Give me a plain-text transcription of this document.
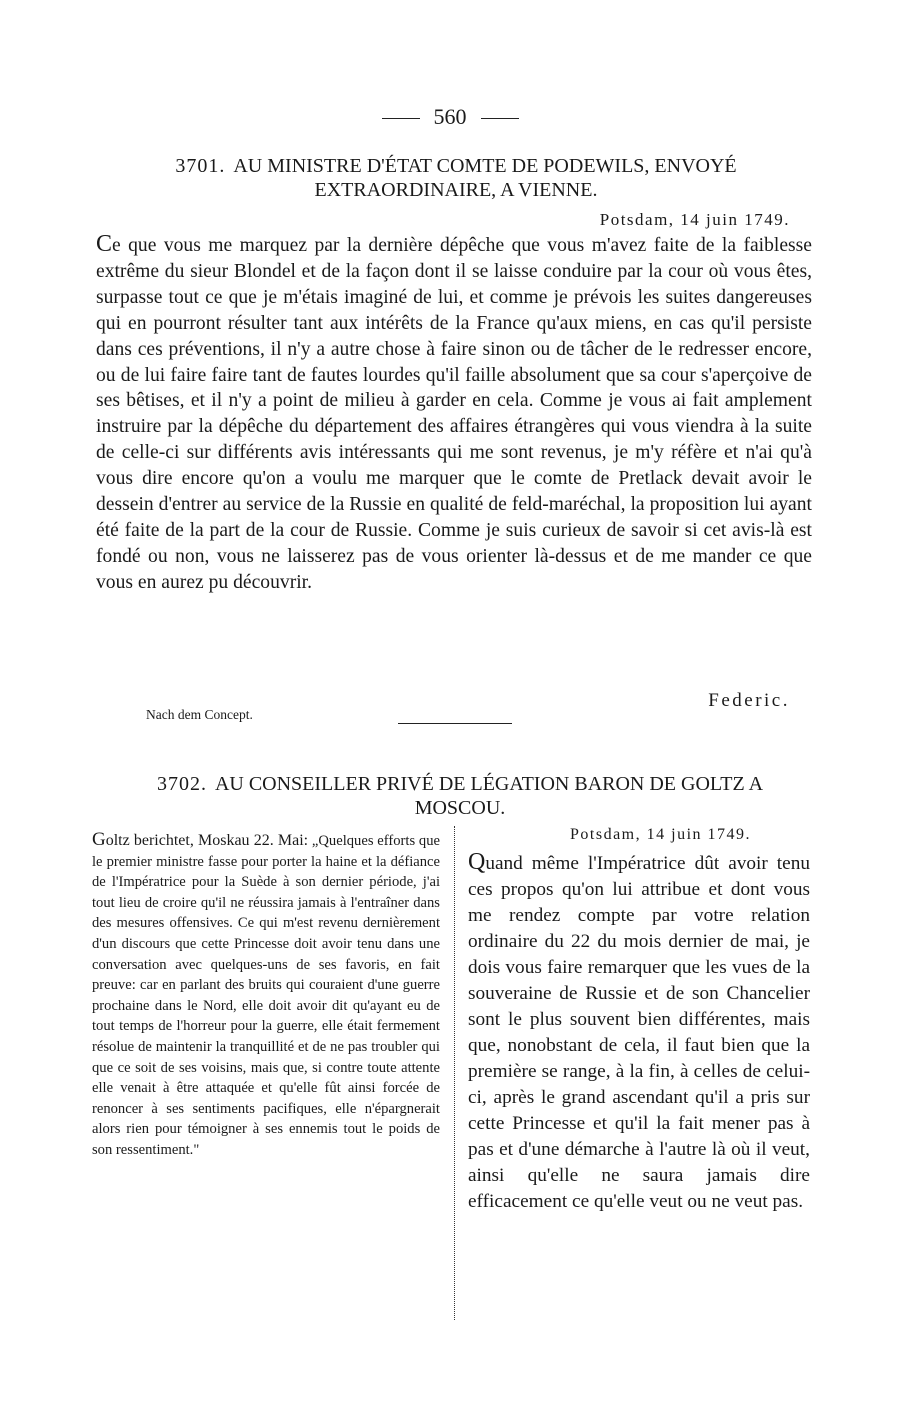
560
3701. AU MINISTRE D'ÉTAT COMTE DE PODEWILS, ENVOYÉ EXTRAORDINAIRE, A VIENNE.
Potsdam, 14 juin 1749.

Ce que vous me marquez par la dernière dépêche que vous m'avez faite de la faiblesse extrême du sieur Blondel et de la façon dont il se laisse conduire par la cour où vous êtes, surpasse tout ce que je m'étais imaginé de lui, et comme je prévois les suites dangereuses qui en pourront résulter tant aux intérêts de la France qu'aux miens, en cas qu'il persiste dans ces préventions, il n'y a autre chose à faire sinon ou de tâcher de le redresser encore, ou de lui faire faire tant de fautes lourdes qu'il faille absolument que sa cour s'aperçoive de ses bêtises, et il n'y a point de milieu à garder en cela. Comme je vous ai fait amplement instruire par la dépêche du département des affaires étrangères qui vous viendra à la suite de celle-ci sur différents avis intéressants qui me sont revenus, je m'y réfère et n'ai qu'à vous dire encore qu'on a voulu me marquer que le comte de Pretlack devait avoir le dessein d'entrer au service de la Russie en qualité de feld-maréchal, la proposition lui ayant été faite de la part de la cour de Russie. Comme je suis curieux de savoir si cet avis-là est fondé ou non, vous ne laisserez pas de vous orienter là-dessus et de me mander ce que vous en aurez pu découvrir.

Federic.
Nach dem Concept.
3702. AU CONSEILLER PRIVÉ DE LÉGATION BARON DE GOLTZ A MOSCOU.

Goltz berichtet, Moskau 22. Mai: „Quelques efforts que le premier ministre fasse pour porter la haine et la défiance de l'Impératrice pour la Suède à son dernier période, j'ai tout lieu de croire qu'il ne réussira jamais à l'entraîner dans des mesures offensives. Ce qui m'est revenu dernièrement d'un discours que cette Princesse doit avoir tenu dans une conversation avec quelques-uns de ses favoris, en fait preuve: car en parlant des bruits qui couraient d'une guerre prochaine dans le Nord, elle doit avoir dit qu'ayant eu de tout temps de l'horreur pour la guerre, elle était fermement résolue de maintenir la tranquillité et de ne pas troubler qui que ce soit de ses voisins, mais que, si contre toute attente elle venait à être attaquée et qu'elle fût ainsi forcée de renoncer à ses sentiments pacifiques, elle n'épargnerait alors rien pour témoigner à ses ennemis tout le poids de son ressentiment."

Potsdam, 14 juin 1749.

Quand même l'Impératrice dût avoir tenu ces propos qu'on lui attribue et dont vous me rendez compte par votre relation ordinaire du 22 du mois dernier de mai, je dois vous faire remarquer que les vues de la souveraine de Russie et de son Chancelier sont le plus souvent bien différentes, mais que, nonobstant de cela, il faut bien que la première se range, à la fin, à celles de celui-ci, après le grand ascendant qu'il a pris sur cette Princesse et qu'il la fait mener pas à pas et d'une démarche à l'autre là où il veut, ainsi qu'elle ne saura jamais dire efficacement ce qu'elle veut ou ne veut pas.
